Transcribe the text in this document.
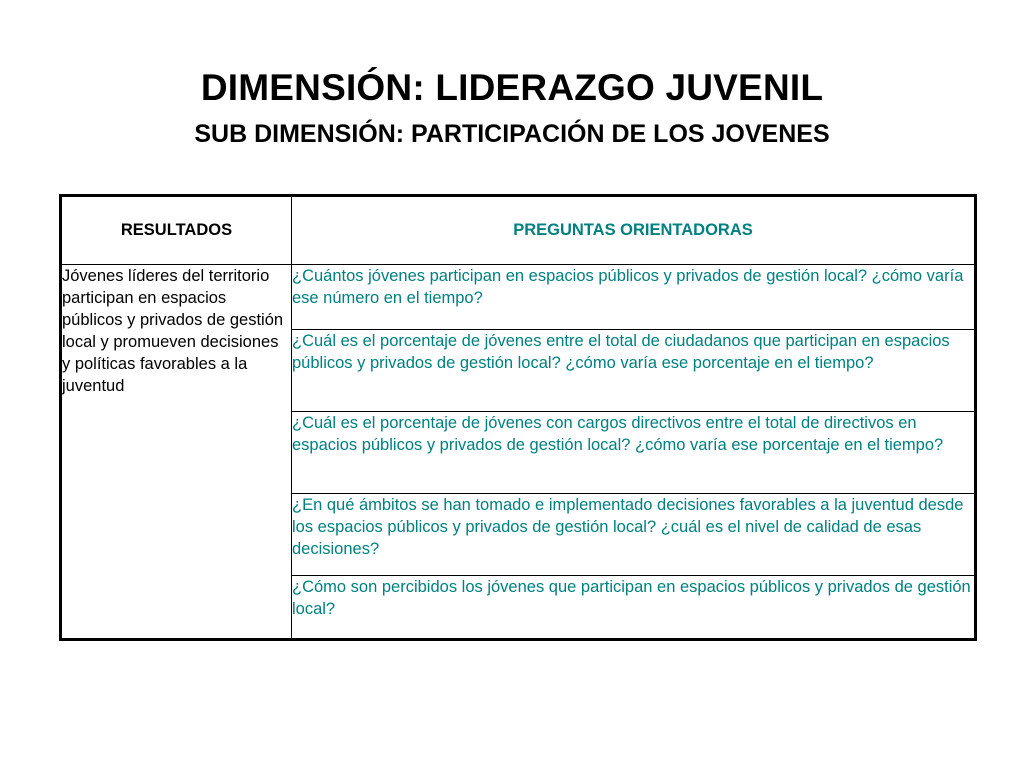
DIMENSIÓN: LIDERAZGO JUVENIL
SUB DIMENSIÓN: PARTICIPACIÓN DE LOS JOVENES
RESULTADOS	PREGUNTAS ORIENTADORAS
Jóvenes líderes del territorio participan en espacios públicos y privados de gestión local y promueven decisiones y políticas favorables a la juventud	¿Cuántos jóvenes participan en espacios públicos y privados de gestión local? ¿cómo varía ese número en el tiempo?
	¿Cuál es el porcentaje de jóvenes entre el total de ciudadanos que participan en espacios públicos y privados de gestión local? ¿cómo varía ese porcentaje en el tiempo?
	¿Cuál es el porcentaje de jóvenes con cargos directivos entre el total de directivos en espacios públicos y privados de gestión local? ¿cómo varía ese porcentaje en el tiempo?
	¿En qué ámbitos se han tomado e implementado decisiones favorables a la juventud desde los espacios públicos y privados de gestión local? ¿cuál es el nivel de calidad de esas decisiones?
	¿Cómo son percibidos los jóvenes que participan en espacios públicos y privados de gestión local?
